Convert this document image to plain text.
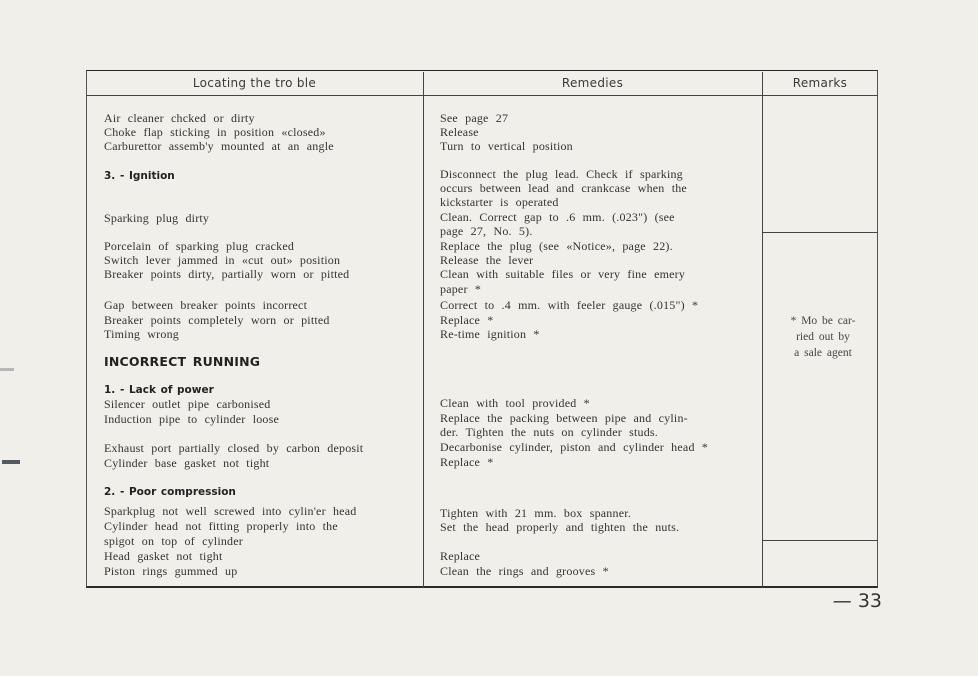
Locating the tro ble	Remedies	Remarks
Air cleaner chcked or dirty
Choke flap sticking in position «closed»
Carburettor assemb'y mounted at an angle
3. - Ignition
Sparking plug dirty
Porcelain of sparking plug cracked
Switch lever jammed in «cut out» position
Breaker points dirty, partially worn or pitted
Gap between breaker points incorrect
Breaker points completely worn or pitted
Timing wrong
INCORRECT RUNNING
1. - Lack of power
Silencer outlet pipe carbonised
Induction pipe to cylinder loose
Exhaust port partially closed by carbon deposit
Cylinder base gasket not tight
2. - Poor compression
Sparkplug not well screwed into cylin'er head
Cylinder head not fitting properly into the
spigot on top of cylinder
Head gasket not tight
Piston rings gummed up
See page 27
Release
Turn to vertical position
Disconnect the plug lead. Check if sparking
occurs between lead and crankcase when the
kickstarter is operated
Clean. Correct gap to .6 mm. (.023") (see
page 27, No. 5).
Replace the plug (see «Notice», page 22).
Release the lever
Clean with suitable files or very fine emery
paper *
Correct to .4 mm. with feeler gauge (.015") *
Replace *
Re-time ignition *
Clean with tool provided *
Replace the packing between pipe and cylin-
der. Tighten the nuts on cylinder studs.
Decarbonise cylinder, piston and cylinder head *
Replace *
Tighten with 21 mm. box spanner.
Set the head properly and tighten the nuts.
Replace
Clean the rings and grooves *
* Mo be car-
ried out by
a sale agent
— 33
